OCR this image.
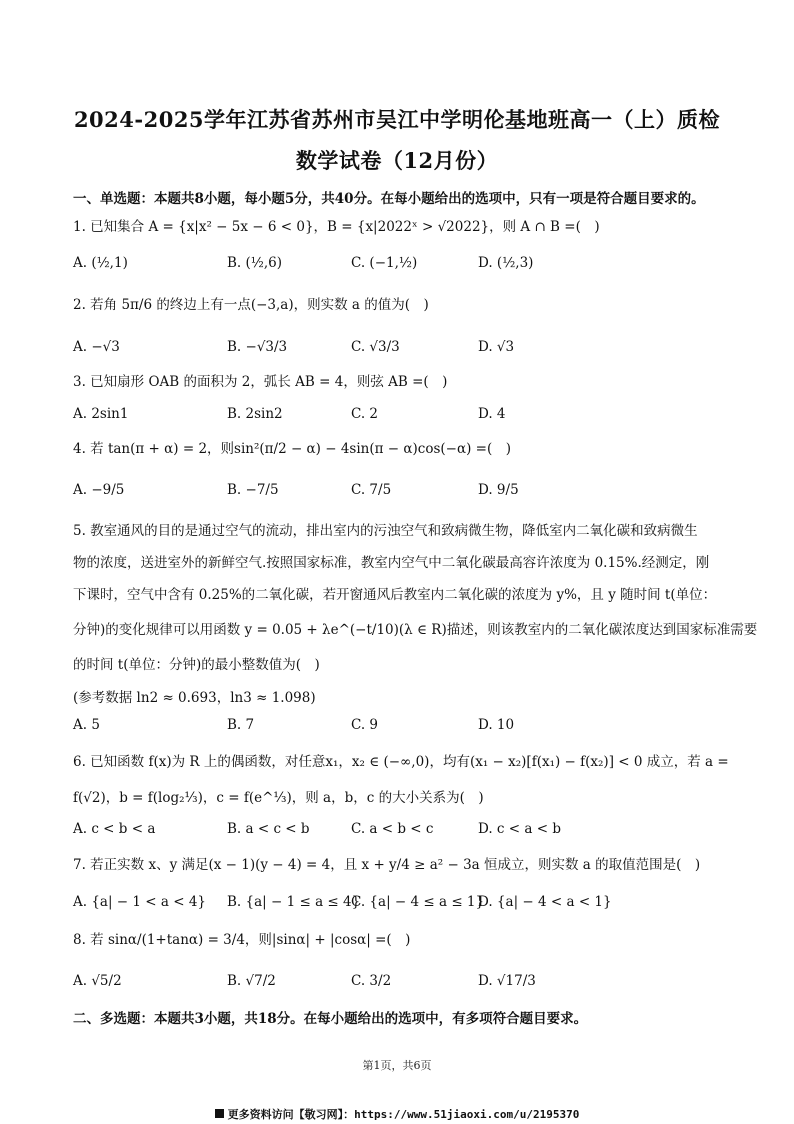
2024-2025学年江苏省苏州市吴江中学明伦基地班高一（上）质检
数学试卷（12月份）
一、单选题：本题共8小题，每小题5分，共40分。在每小题给出的选项中，只有一项是符合题目要求的。
1. 已知集合 A = {x|x² − 5x − 6 < 0}，B = {x|2022ˣ > √2022}，则 A ∩ B =(　)
A. (½,1)	B. (½,6)	C. (−1,½)	D. (½,3)
2. 若角 5π/6 的终边上有一点(−3,a)，则实数 a 的值为(　)
A. −√3	B. −√3/3	C. √3/3	D. √3
3. 已知扇形 OAB 的面积为 2，弧长 AB = 4，则弦 AB =(　)
A. 2sin1	B. 2sin2	C. 2	D. 4
4. 若 tan(π + α) = 2，则sin²(π/2 − α) − 4sin(π − α)cos(−α) =(　)
A. −9/5	B. −7/5	C. 7/5	D. 9/5
5. 教室通风的目的是通过空气的流动，排出室内的污浊空气和致病微生物，降低室内二氧化碳和致病微生
物的浓度，送进室外的新鲜空气.按照国家标准，教室内空气中二氧化碳最高容许浓度为 0.15%.经测定，刚
下课时，空气中含有 0.25%的二氧化碳，若开窗通风后教室内二氧化碳的浓度为 y%，且 y 随时间 t(单位：
分钟)的变化规律可以用函数 y = 0.05 + λe^(−t/10)(λ ∈ R)描述，则该教室内的二氧化碳浓度达到国家标准需要
的时间 t(单位：分钟)的最小整数值为(　)
(参考数据 ln2 ≈ 0.693，ln3 ≈ 1.098)
A. 5	B. 7	C. 9	D. 10
6. 已知函数 f(x)为 R 上的偶函数，对任意x₁，x₂ ∈ (−∞,0)，均有(x₁ − x₂)[f(x₁) − f(x₂)] < 0 成立，若 a =
f(√2)，b = f(log₂⅓)，c = f(e^⅓)，则 a，b，c 的大小关系为(　)
A. c < b < a	B. a < c < b	C. a < b < c	D. c < a < b
7. 若正实数 x、y 满足(x − 1)(y − 4) = 4，且 x + y/4 ≥ a² − 3a 恒成立，则实数 a 的取值范围是(　)
A. {a| − 1 < a < 4} B. {a| − 1 ≤ a ≤ 4}
C. {a| − 4 ≤ a ≤ 1}
D. {a| − 4 < a < 1}
8. 若 sinα/(1+tanα) = 3/4，则|sinα| + |cosα| =(　)
A. √5/2	B. √7/2	C. 3/2	D. √17/3
二、多选题：本题共3小题，共18分。在每小题给出的选项中，有多项符合题目要求。
第1页，共6页
更多资料访问【敬习网】：https://www.51jiaoxi.com/u/2195370
